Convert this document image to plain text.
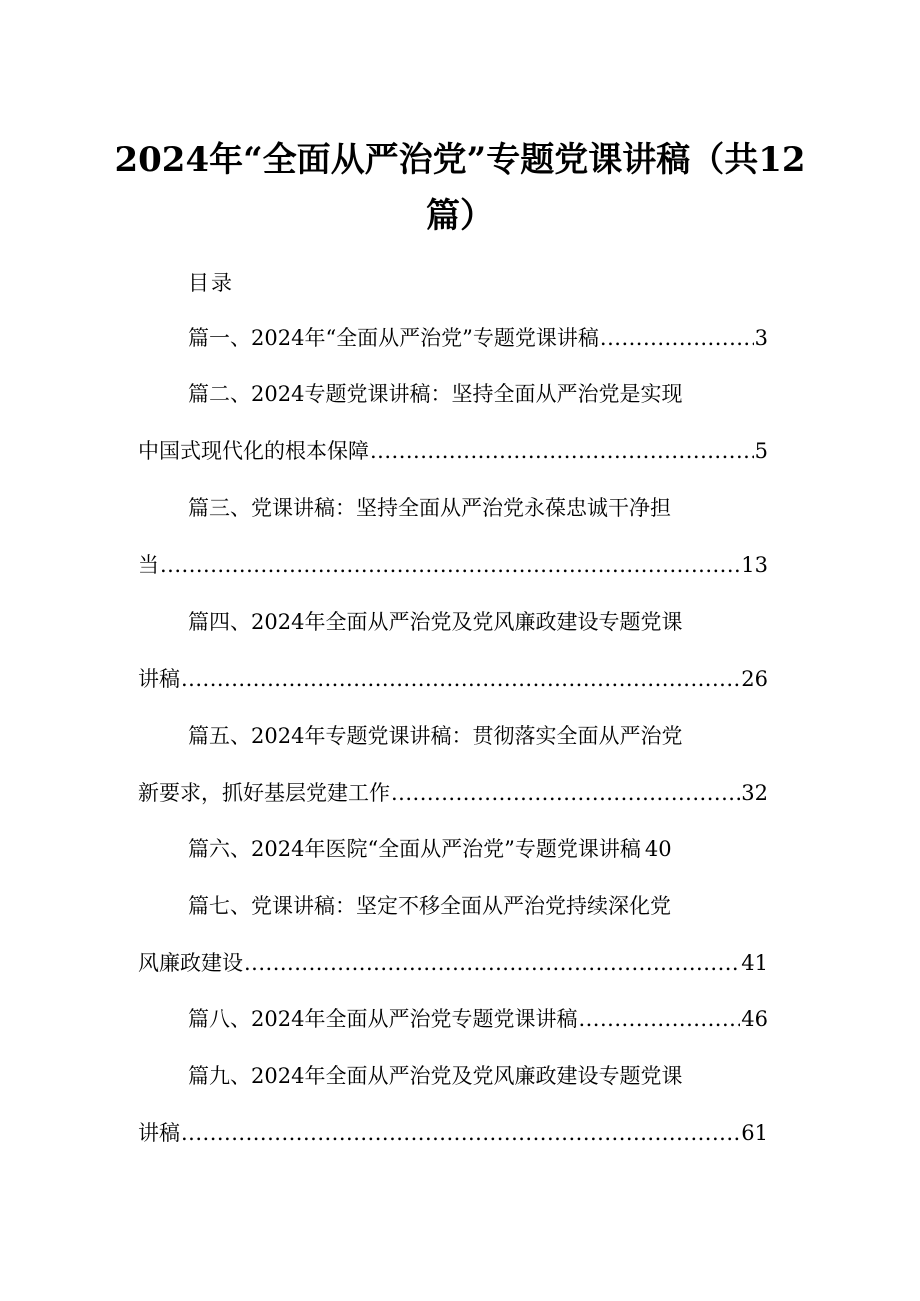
2024年“全面从严治党”专题党课讲稿（共12篇）
目录
篇一、2024年“全面从严治党”专题党课讲稿 .....	3
篇二、2024专题党课讲稿：坚持全面从严治党是实现
中国式现代化的根本保障 .....	5
篇三、党课讲稿：坚持全面从严治党永葆忠诚干净担
当 .....	13
篇四、2024年全面从严治党及党风廉政建设专题党课
讲稿 .....	26
篇五、2024年专题党课讲稿：贯彻落实全面从严治党
新要求，抓好基层党建工作 .....	32
篇六、2024年医院“全面从严治党”专题党课讲稿 40
篇七、党课讲稿：坚定不移全面从严治党持续深化党
风廉政建设 .....	41
篇八、2024年全面从严治党专题党课讲稿 .....	46
篇九、2024年全面从严治党及党风廉政建设专题党课
讲稿 .....	61
